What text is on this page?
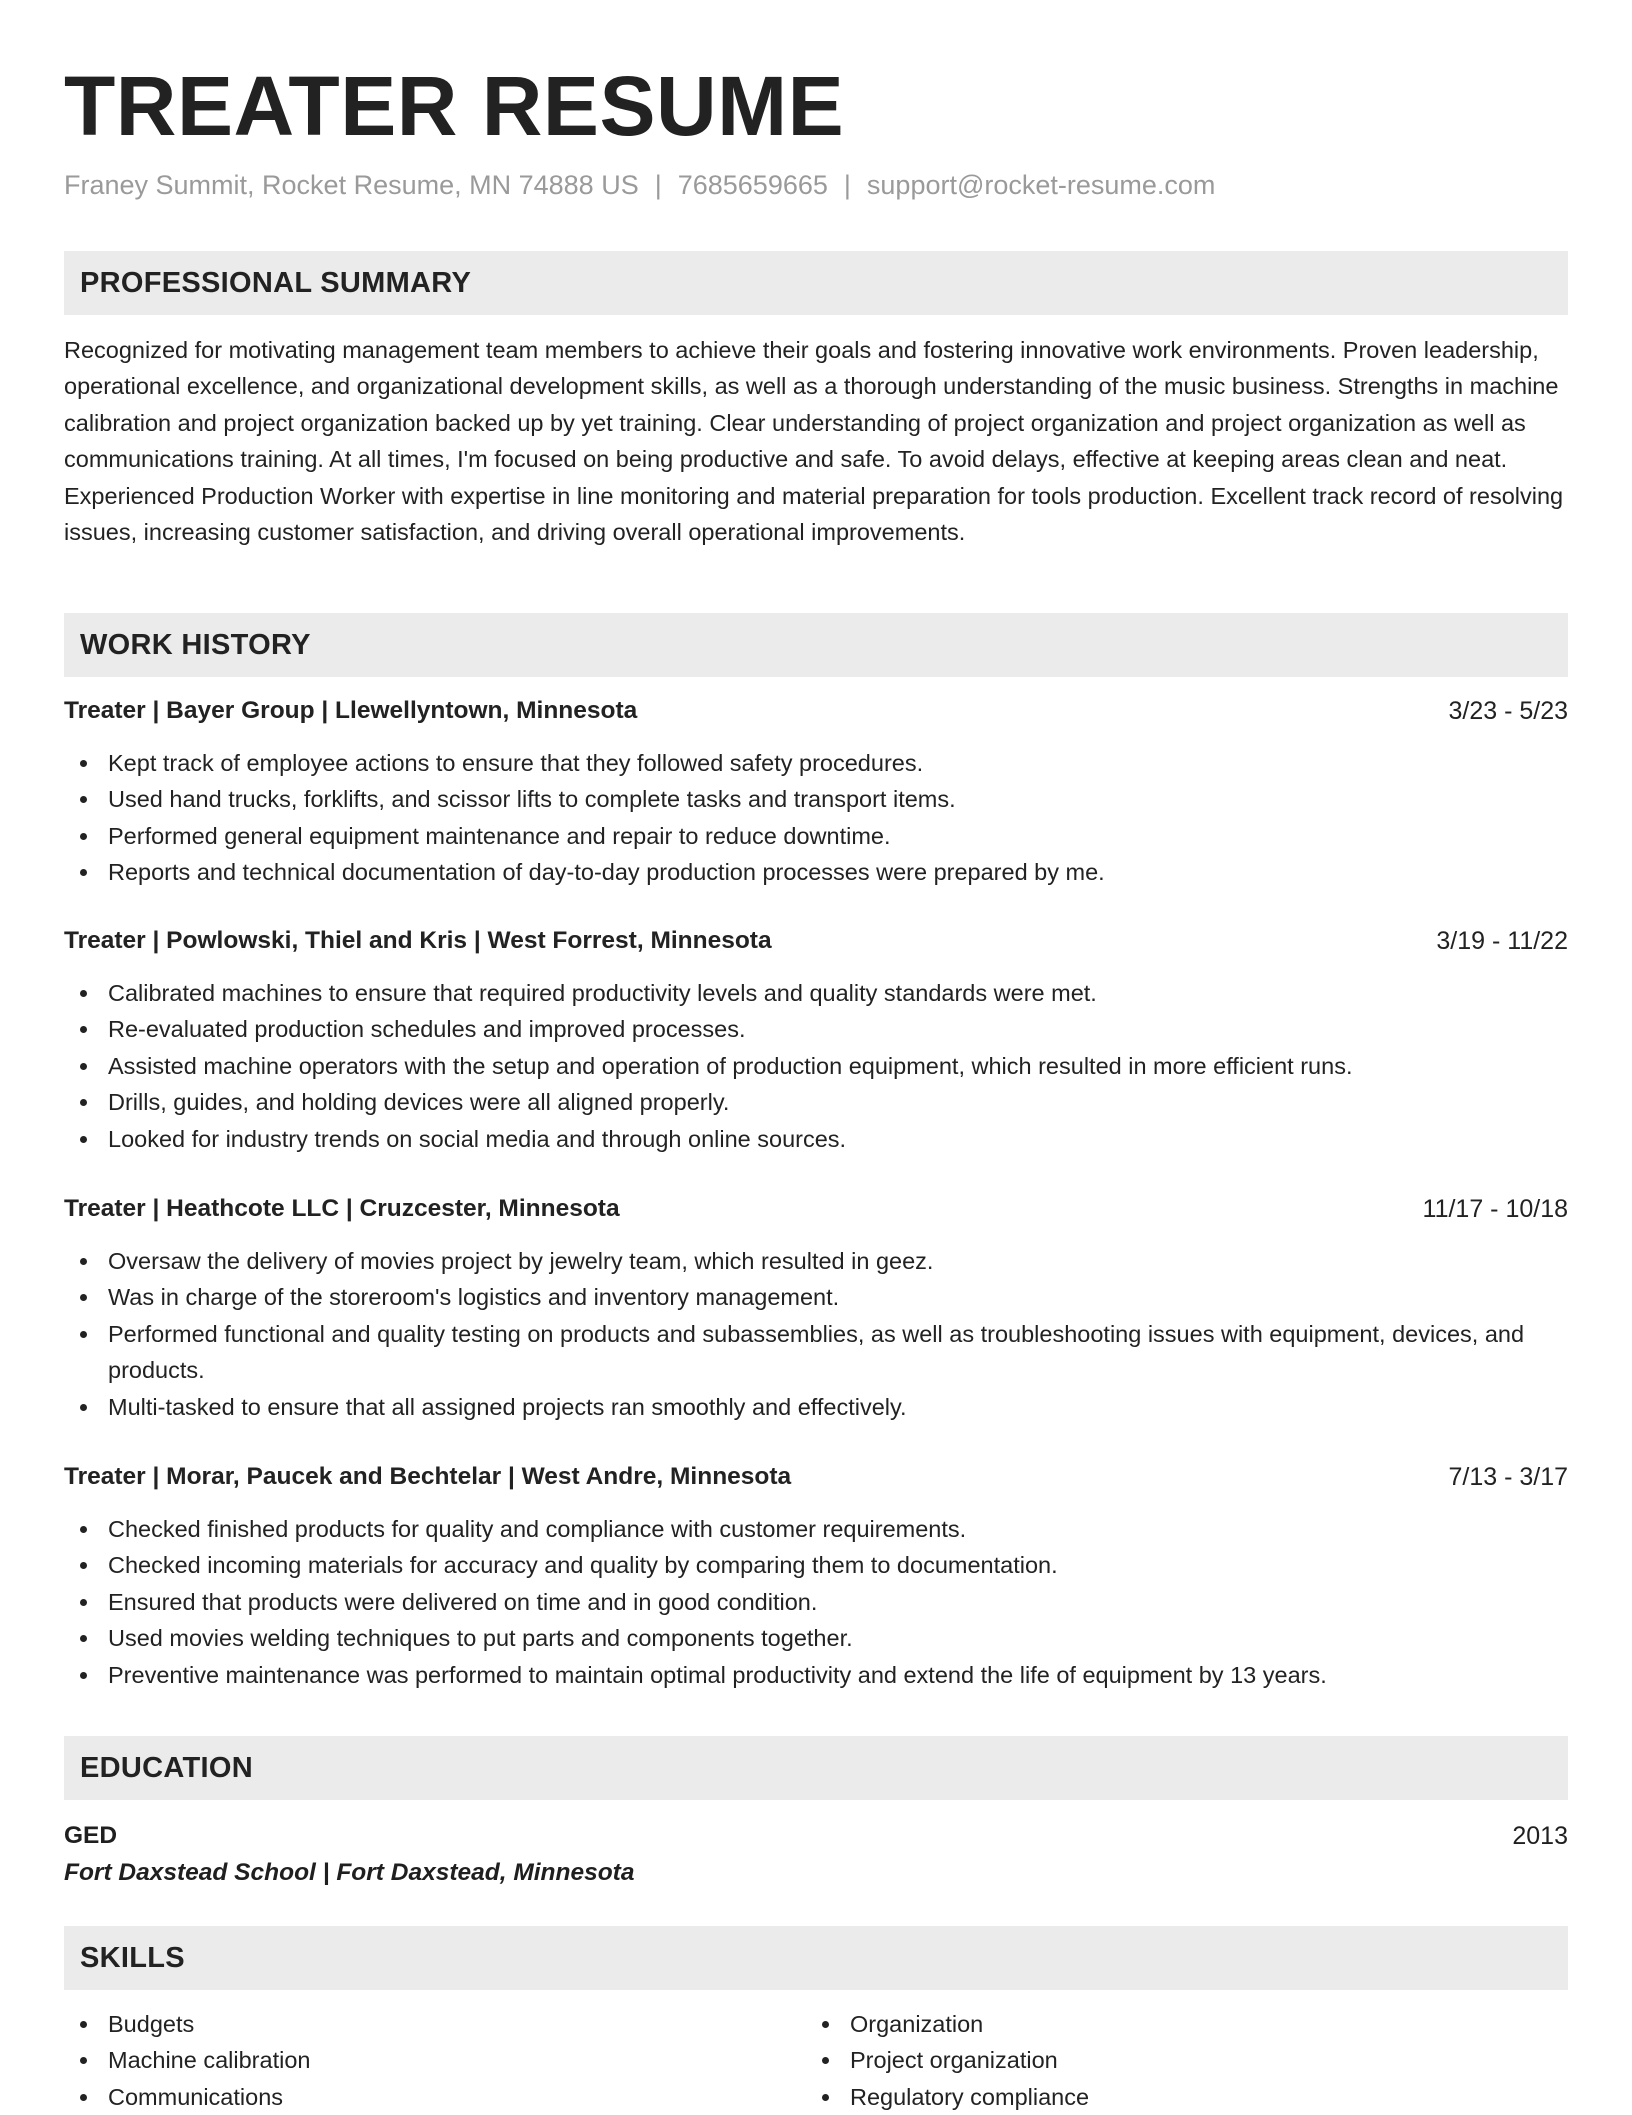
TREATER RESUME
Franey Summit, Rocket Resume, MN 74888 US | 7685659665 | support@rocket-resume.com
PROFESSIONAL SUMMARY
Recognized for motivating management team members to achieve their goals and fostering innovative work environments. Proven leadership, operational excellence, and organizational development skills, as well as a thorough understanding of the music business. Strengths in machine calibration and project organization backed up by yet training. Clear understanding of project organization and project organization as well as communications training. At all times, I'm focused on being productive and safe. To avoid delays, effective at keeping areas clean and neat. Experienced Production Worker with expertise in line monitoring and material preparation for tools production. Excellent track record of resolving issues, increasing customer satisfaction, and driving overall operational improvements.
WORK HISTORY
Treater | Bayer Group | Llewellyntown, Minnesota	3/23 - 5/23
Kept track of employee actions to ensure that they followed safety procedures.
Used hand trucks, forklifts, and scissor lifts to complete tasks and transport items.
Performed general equipment maintenance and repair to reduce downtime.
Reports and technical documentation of day-to-day production processes were prepared by me.
Treater | Powlowski, Thiel and Kris | West Forrest, Minnesota	3/19 - 11/22
Calibrated machines to ensure that required productivity levels and quality standards were met.
Re-evaluated production schedules and improved processes.
Assisted machine operators with the setup and operation of production equipment, which resulted in more efficient runs.
Drills, guides, and holding devices were all aligned properly.
Looked for industry trends on social media and through online sources.
Treater | Heathcote LLC | Cruzcester, Minnesota	11/17 - 10/18
Oversaw the delivery of movies project by jewelry team, which resulted in geez.
Was in charge of the storeroom's logistics and inventory management.
Performed functional and quality testing on products and subassemblies, as well as troubleshooting issues with equipment, devices, and products.
Multi-tasked to ensure that all assigned projects ran smoothly and effectively.
Treater | Morar, Paucek and Bechtelar | West Andre, Minnesota	7/13 - 3/17
Checked finished products for quality and compliance with customer requirements.
Checked incoming materials for accuracy and quality by comparing them to documentation.
Ensured that products were delivered on time and in good condition.
Used movies welding techniques to put parts and components together.
Preventive maintenance was performed to maintain optimal productivity and extend the life of equipment by 13 years.
EDUCATION
GED	2013
Fort Daxstead School | Fort Daxstead, Minnesota
SKILLS
Budgets
Machine calibration
Communications
Organization
Project organization
Regulatory compliance
